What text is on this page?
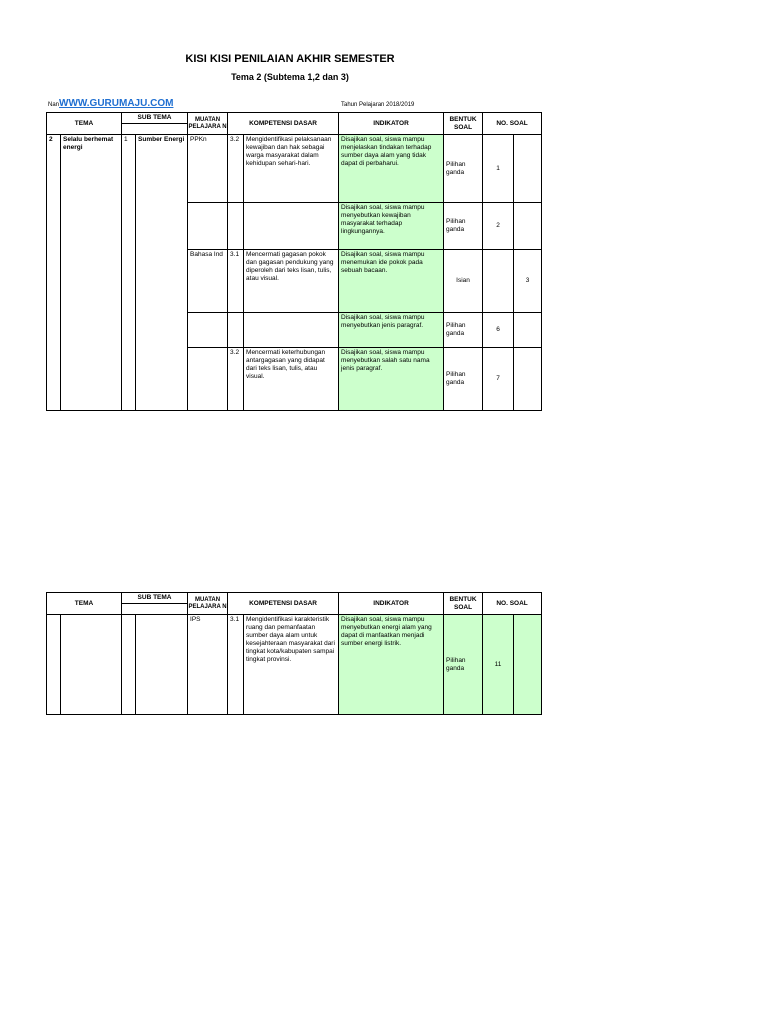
KISI KISI PENILAIAN AKHIR SEMESTER
Tema 2 (Subtema 1,2 dan 3)
NanWWW.GURUMAJU.COM	Tahun Pelajaran 2018/2019
TEMA		SUB TEMA		MUATAN PELAJARA N	KOMPETENSI DASAR		INDIKATOR	BENTUK SOAL	NO. SOAL	

2	Selalu berhemat energi	1	Sumber Energi	PPKn	3.2	Mengidentifikasi pelaksanaan kewajiban dan hak sebagai warga masyarakat dalam kehidupan sehari-hari.	Disajikan soal, siswa mampu menjelaskan tindakan terhadap sumber daya alam yang tidak dapat di perbaharui.	Pilihan ganda	1	
							Disajikan soal, siswa mampu menyebutkan kewajiban masyarakat terhadap lingkungannya.	Pilihan ganda	2	
				Bahasa Ind	3.1	Mencermati gagasan pokok dan gagasan pendukung yang diperoleh dari teks lisan, tulis, atau visual.	Disajikan soal, siswa mampu menemukan ide pokok pada sebuah bacaan.	Isian		3
							Disajikan soal, siswa mampu menyebutkan jenis paragraf.	Pilihan ganda	6	
					3.2	Mencermati keterhubungan antargagasan yang didapat dari teks lisan, tulis, atau visual.	Disajikan soal, siswa mampu menyebutkan salah satu nama jenis paragraf.	Pilihan ganda	7	
TEMA		SUB TEMA		MUATAN PELAJARA N	KOMPETENSI DASAR		INDIKATOR	BENTUK SOAL	NO. SOAL	

				IPS	3.1	Mengidentifikasi karakteristik ruang dan pemanfaatan sumber daya alam untuk kesejahteraan masyarakat dari tingkat kota/kabupaten sampai tingkat provinsi.	Disajikan soal, siswa mampu menyebutkan energi alam yang dapat di manfaatkan menjadi sumber energi listrik.	Pilihan ganda	11	
